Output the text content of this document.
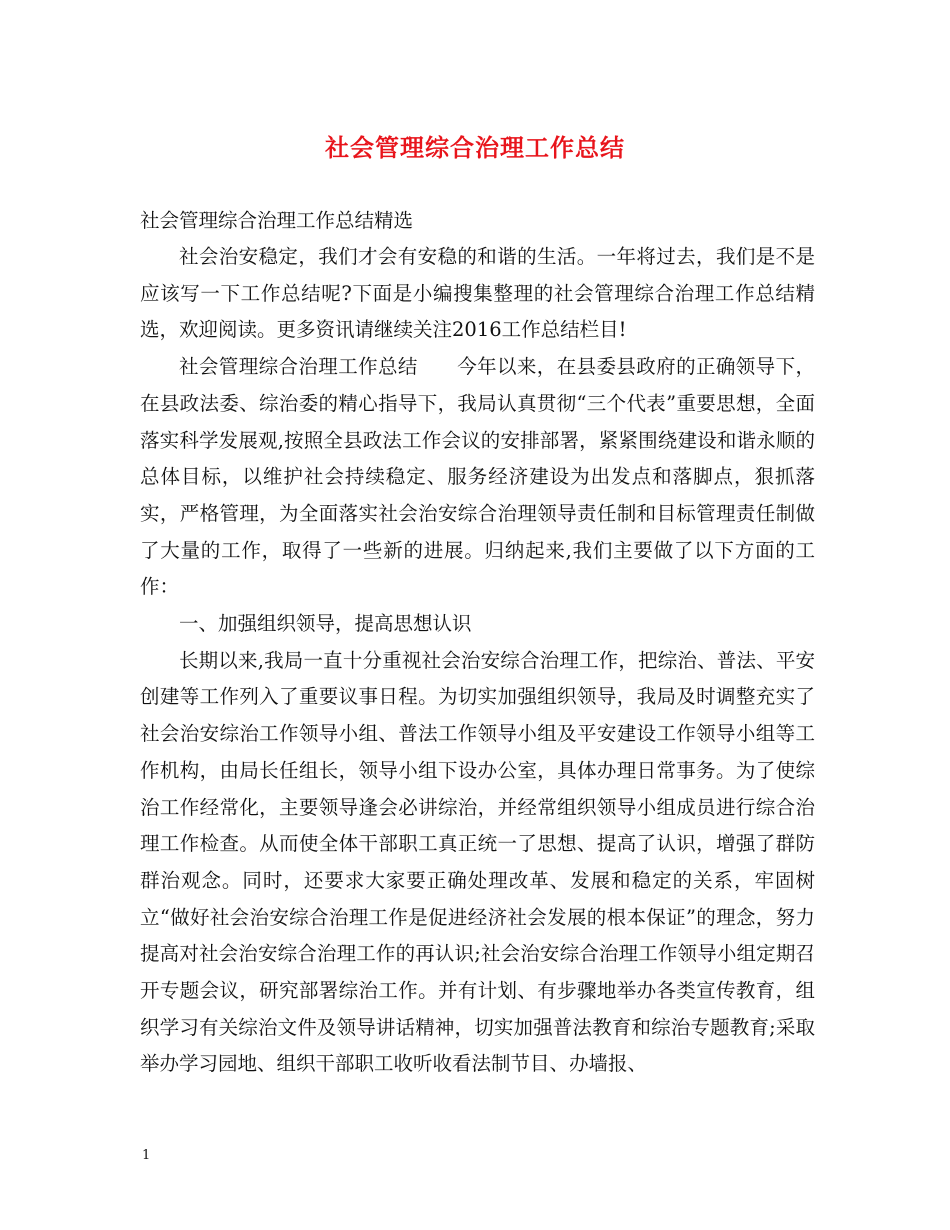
社会管理综合治理工作总结

社会管理综合治理工作总结精选

社会治安稳定，我们才会有安稳的和谐的生活。一年将过去，我们是不是应该写一下工作总结呢?下面是小编搜集整理的社会管理综合治理工作总结精选，欢迎阅读。更多资讯请继续关注2016工作总结栏目!

社会管理综合治理工作总结 今年以来，在县委县政府的正确领导下，在县政法委、综治委的精心指导下，我局认真贯彻“三个代表”重要思想，全面落实科学发展观,按照全县政法工作会议的安排部署，紧紧围绕建设和谐永顺的总体目标，以维护社会持续稳定、服务经济建设为出发点和落脚点，狠抓落实，严格管理，为全面落实社会治安综合治理领导责任制和目标管理责任制做了大量的工作，取得了一些新的进展。归纳起来,我们主要做了以下方面的工作：

一、加强组织领导，提高思想认识

长期以来,我局一直十分重视社会治安综合治理工作，把综治、普法、平安创建等工作列入了重要议事日程。为切实加强组织领导，我局及时调整充实了社会治安综治工作领导小组、普法工作领导小组及平安建设工作领导小组等工作机构，由局长任组长，领导小组下设办公室，具体办理日常事务。为了使综治工作经常化，主要领导逢会必讲综治，并经常组织领导小组成员进行综合治理工作检查。从而使全体干部职工真正统一了思想、提高了认识，增强了群防群治观念。同时，还要求大家要正确处理改革、发展和稳定的关系，牢固树立“做好社会治安综合治理工作是促进经济社会发展的根本保证”的理念，努力提高对社会治安综合治理工作的再认识;社会治安综合治理工作领导小组定期召开专题会议，研究部署综治工作。并有计划、有步骤地举办各类宣传教育，组织学习有关综治文件及领导讲话精神，切实加强普法教育和综治专题教育;采取举办学习园地、组织干部职工收听收看法制节目、办墙报、

1
